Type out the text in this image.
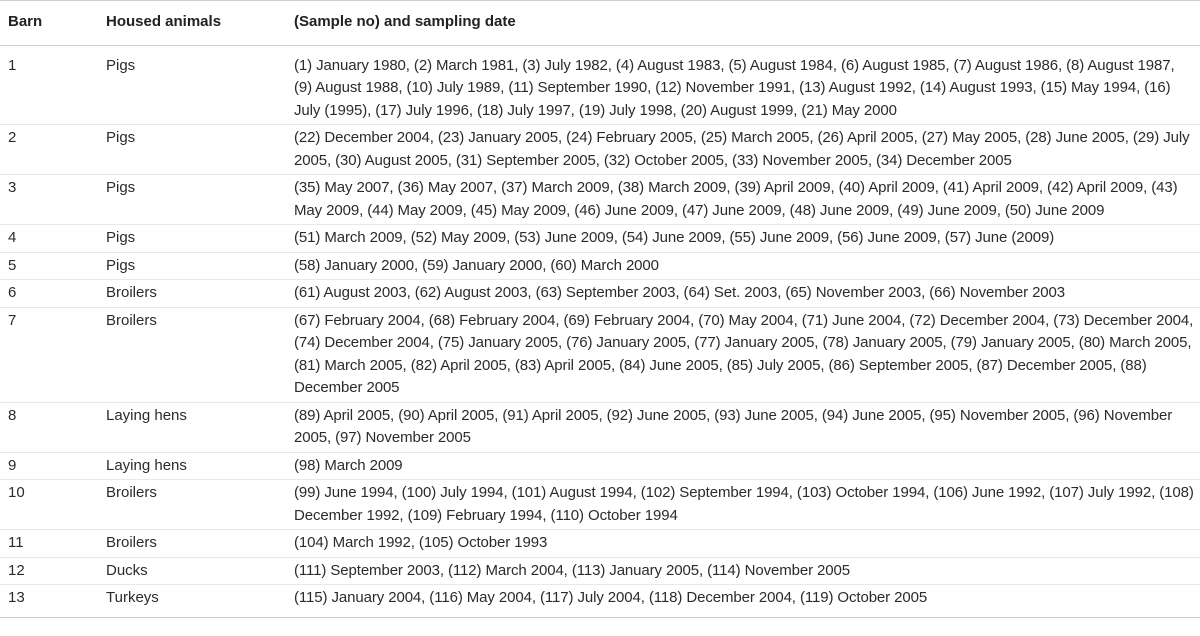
Barn	Housed animals	(Sample no) and sampling date
1	Pigs	(1) January 1980, (2) March 1981, (3) July 1982, (4) August 1983, (5) August 1984, (6) August 1985, (7) August 1986, (8) August 1987, (9) August 1988, (10) July 1989, (11) September 1990, (12) November 1991, (13) August 1992, (14) August 1993, (15) May 1994, (16) July (1995), (17) July 1996, (18) July 1997, (19) July 1998, (20) August 1999, (21) May 2000
2	Pigs	(22) December 2004, (23) January 2005, (24) February 2005, (25) March 2005, (26) April 2005, (27) May 2005, (28) June 2005, (29) July 2005, (30) August 2005, (31) September 2005, (32) October 2005, (33) November 2005, (34) December 2005
3	Pigs	(35) May 2007, (36) May 2007, (37) March 2009, (38) March 2009, (39) April 2009, (40) April 2009, (41) April 2009, (42) April 2009, (43) May 2009, (44) May 2009, (45) May 2009, (46) June 2009, (47) June 2009, (48) June 2009, (49) June 2009, (50) June 2009
4	Pigs	(51) March 2009, (52) May 2009, (53) June 2009, (54) June 2009, (55) June 2009, (56) June 2009, (57) June (2009)
5	Pigs	(58) January 2000, (59) January 2000, (60) March 2000
6	Broilers	(61) August 2003, (62) August 2003, (63) September 2003, (64) Set. 2003, (65) November 2003, (66) November 2003
7	Broilers	(67) February 2004, (68) February 2004, (69) February 2004, (70) May 2004, (71) June 2004, (72) December 2004, (73) December 2004, (74) December 2004, (75) January 2005, (76) January 2005, (77) January 2005, (78) January 2005, (79) January 2005, (80) March 2005, (81) March 2005, (82) April 2005, (83) April 2005, (84) June 2005, (85) July 2005, (86) September 2005, (87) December 2005, (88) December 2005
8	Laying hens	(89) April 2005, (90) April 2005, (91) April 2005, (92) June 2005, (93) June 2005, (94) June 2005, (95) November 2005, (96) November 2005, (97) November 2005
9	Laying hens	(98) March 2009
10	Broilers	(99) June 1994, (100) July 1994, (101) August 1994, (102) September 1994, (103) October 1994, (106) June 1992, (107) July 1992, (108) December 1992, (109) February 1994, (110) October 1994
11	Broilers	(104) March 1992, (105) October 1993
12	Ducks	(111) September 2003, (112) March 2004, (113) January 2005, (114) November 2005
13	Turkeys	(115) January 2004, (116) May 2004, (117) July 2004, (118) December 2004, (119) October 2005
